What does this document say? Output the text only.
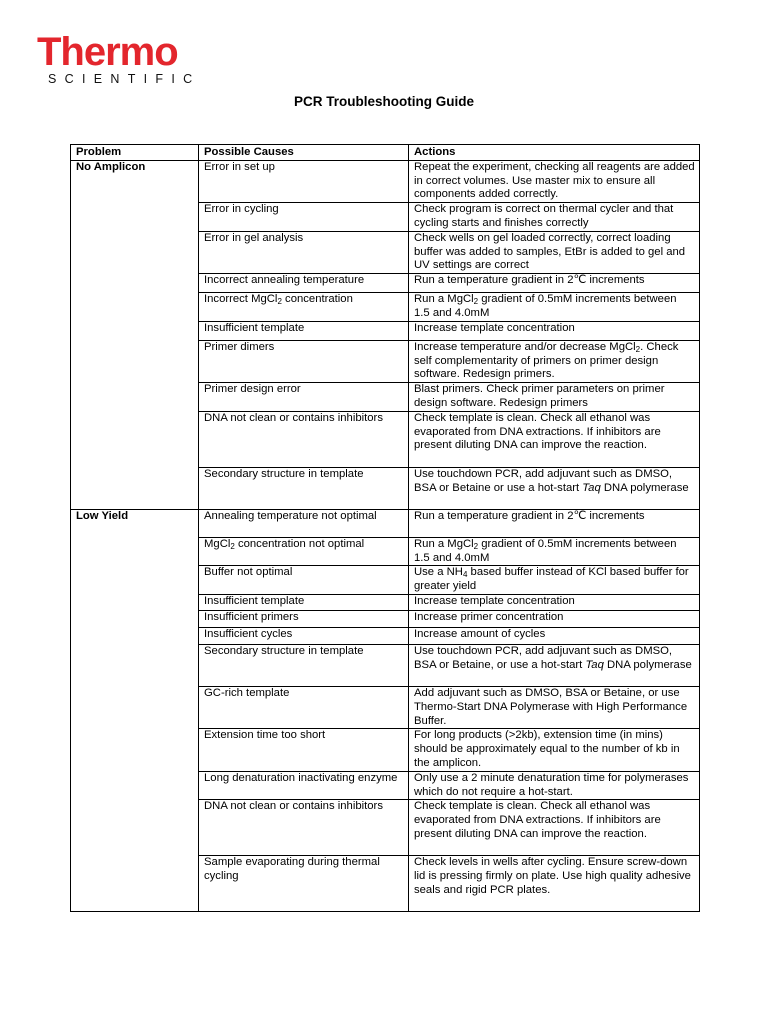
Thermo
SCIENTIFIC
PCR Troubleshooting Guide
Problem	Possible Causes	Actions
No Amplicon	Error in set up	Repeat the experiment, checking all reagents are added in correct volumes. Use master mix to ensure all components added correctly.
	Error in cycling	Check program is correct on thermal cycler and that cycling starts and finishes correctly
	Error in gel analysis	Check wells on gel loaded correctly, correct loading buffer was added to samples, EtBr is added to gel and UV settings are correct
	Incorrect annealing temperature	Run a temperature gradient in 2℃ increments
	Incorrect MgCl$_2$ concentration	Run a MgCl$_2$ gradient of 0.5mM increments between 1.5 and 4.0mM
	Insufficient template	Increase template concentration
	Primer dimers	Increase temperature and/or decrease MgCl$_2$. Check self complementarity of primers on primer design software. Redesign primers.
	Primer design error	Blast primers. Check primer parameters on primer design software. Redesign primers
	DNA not clean or contains inhibitors	Check template is clean. Check all ethanol was evaporated from DNA extractions. If inhibitors are present diluting DNA can improve the reaction.
	Secondary structure in template	Use touchdown PCR, add adjuvant such as DMSO, BSA or Betaine or use a hot-start Taq DNA polymerase
Low Yield	Annealing temperature not optimal	Run a temperature gradient in 2℃ increments
	MgCl$_2$ concentration not optimal	Run a MgCl$_2$ gradient of 0.5mM increments between 1.5 and 4.0mM
	Buffer not optimal	Use a $NH_4$ based buffer instead of KCl based buffer for greater yield
	Insufficient template	Increase template concentration
	Insufficient primers	Increase primer concentration
	Insufficient cycles	Increase amount of cycles
	Secondary structure in template	Use touchdown PCR, add adjuvant such as DMSO, BSA or Betaine, or use a hot-start Taq DNA polymerase
	GC-rich template	Add adjuvant such as DMSO, BSA or Betaine, or use Thermo-Start DNA Polymerase with High Performance Buffer.
	Extension time too short	For long products (>2kb), extension time (in mins) should be approximately equal to the number of kb in the amplicon.
	Long denaturation inactivating enzyme	Only use a 2 minute denaturation time for polymerases which do not require a hot-start.
	DNA not clean or contains inhibitors	Check template is clean. Check all ethanol was evaporated from DNA extractions. If inhibitors are present diluting DNA can improve the reaction.
	Sample evaporating during thermal cycling	Check levels in wells after cycling. Ensure screw-down lid is pressing firmly on plate. Use high quality adhesive seals and rigid PCR plates.
